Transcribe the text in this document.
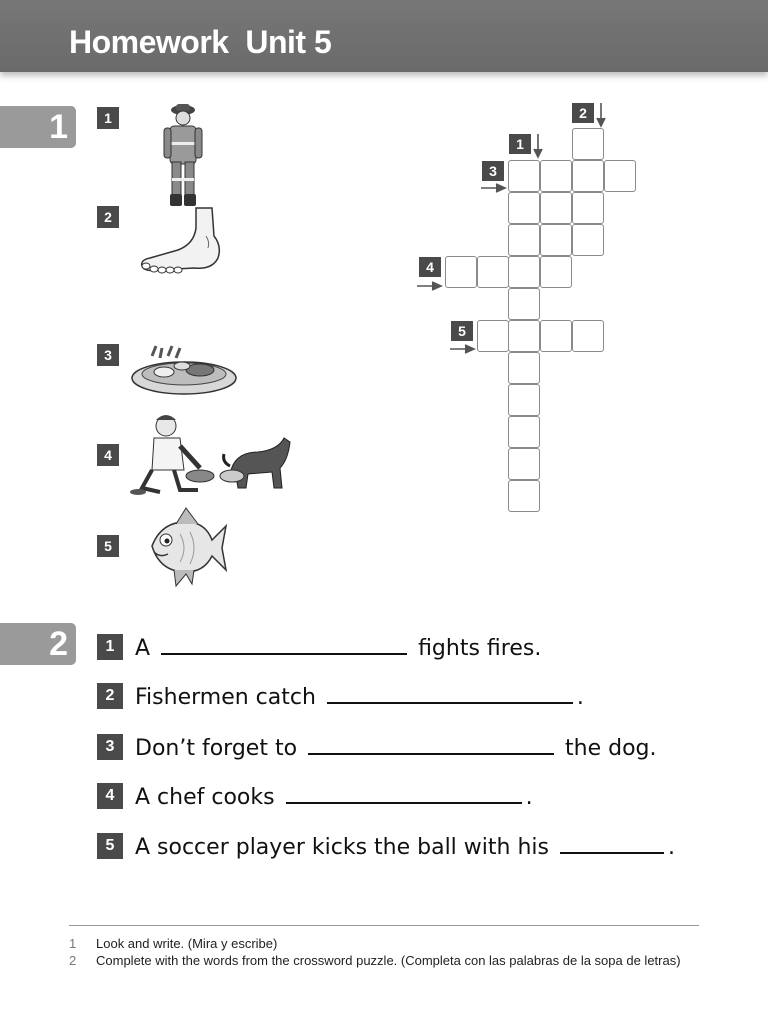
Homework  Unit 5
1
2
1
2
3
4
5
2
1
3
4
5
1 A	fights fires.
2 Fishermen catch	.
3 Don’t forget to	the dog.
4 A chef cooks	.
5 A soccer player kicks the ball with his	.
1 Look and write. (Mira y escribe)
2 Complete with the words from the crossword puzzle. (Completa con las palabras de la sopa de letras)
